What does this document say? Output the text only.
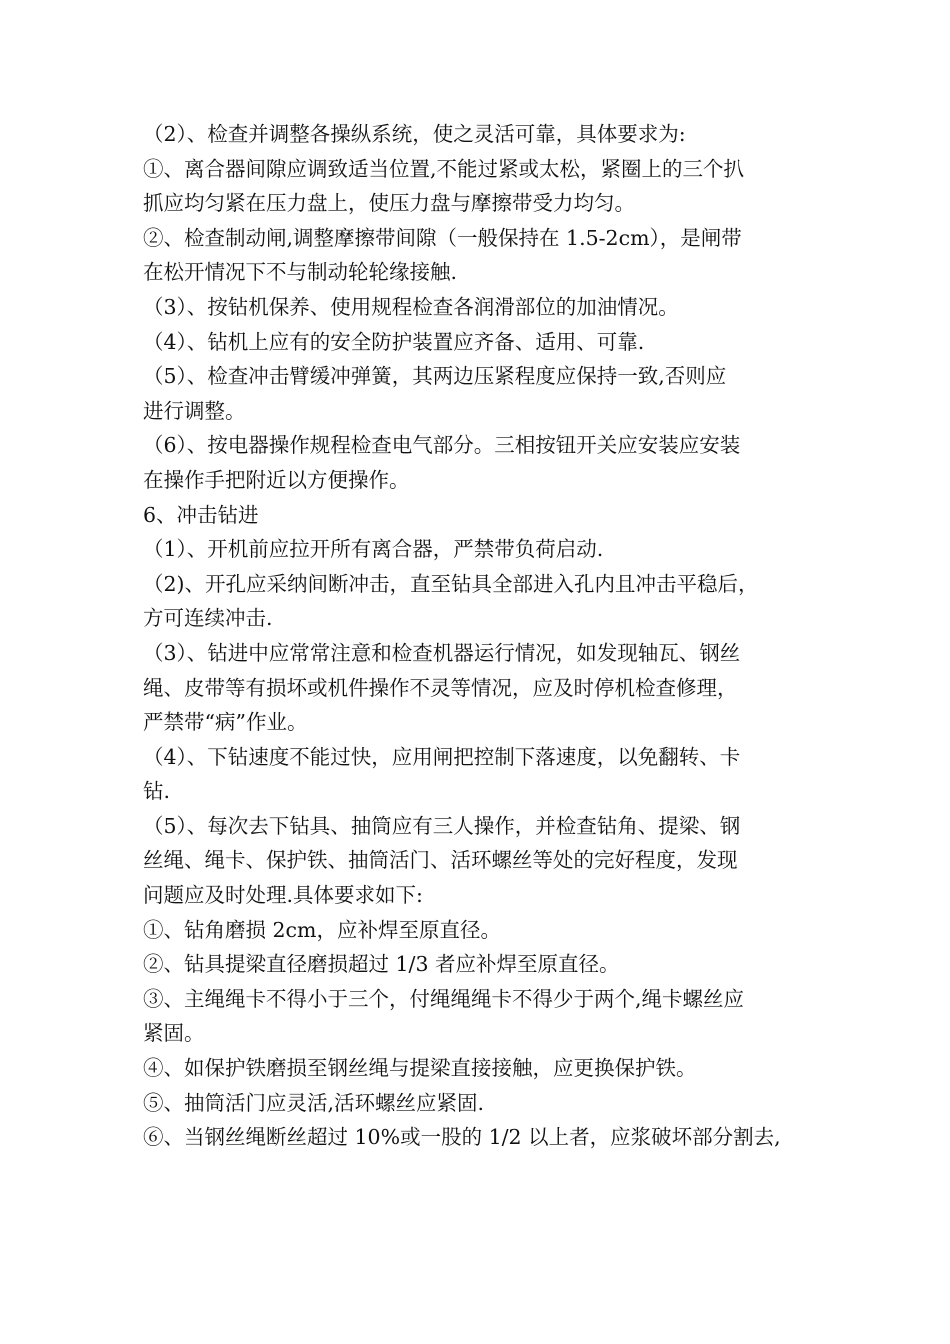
（2）、检查并调整各操纵系统，使之灵活可靠，具体要求为:
①、离合器间隙应调致适当位置,不能过紧或太松，紧圈上的三个扒
抓应均匀紧在压力盘上，使压力盘与摩擦带受力均匀。
②、检查制动闸,调整摩擦带间隙（一般保持在 1.5-2cm），是闸带
在松开情况下不与制动轮轮缘接触.
（3）、按钻机保养、使用规程检查各润滑部位的加油情况。
（4）、钻机上应有的安全防护装置应齐备、适用、可靠.
（5）、检查冲击臂缓冲弹簧，其两边压紧程度应保持一致,否则应
进行调整。
（6）、按电器操作规程检查电气部分。三相按钮开关应安装应安装
在操作手把附近以方便操作。
6、冲击钻进
（1）、开机前应拉开所有离合器，严禁带负荷启动.
（2)、开孔应采纳间断冲击，直至钻具全部进入孔内且冲击平稳后，
方可连续冲击.
（3）、钻进中应常常注意和检查机器运行情况，如发现轴瓦、钢丝
绳、皮带等有损坏或机件操作不灵等情况，应及时停机检查修理，
严禁带“病”作业。
（4）、下钻速度不能过快，应用闸把控制下落速度，以免翻转、卡
钻.
（5）、每次去下钻具、抽筒应有三人操作，并检查钻角、提梁、钢
丝绳、绳卡、保护铁、抽筒活门、活环螺丝等处的完好程度，发现
问题应及时处理.具体要求如下:
①、钻角磨损 2cm，应补焊至原直径。
②、钻具提梁直径磨损超过 1/3 者应补焊至原直径。
③、主绳绳卡不得小于三个，付绳绳绳卡不得少于两个,绳卡螺丝应
紧固。
④、如保护铁磨损至钢丝绳与提梁直接接触，应更换保护铁。
⑤、抽筒活门应灵活,活环螺丝应紧固.
⑥、当钢丝绳断丝超过 10%或一股的 1/2 以上者，应浆破坏部分割去,
